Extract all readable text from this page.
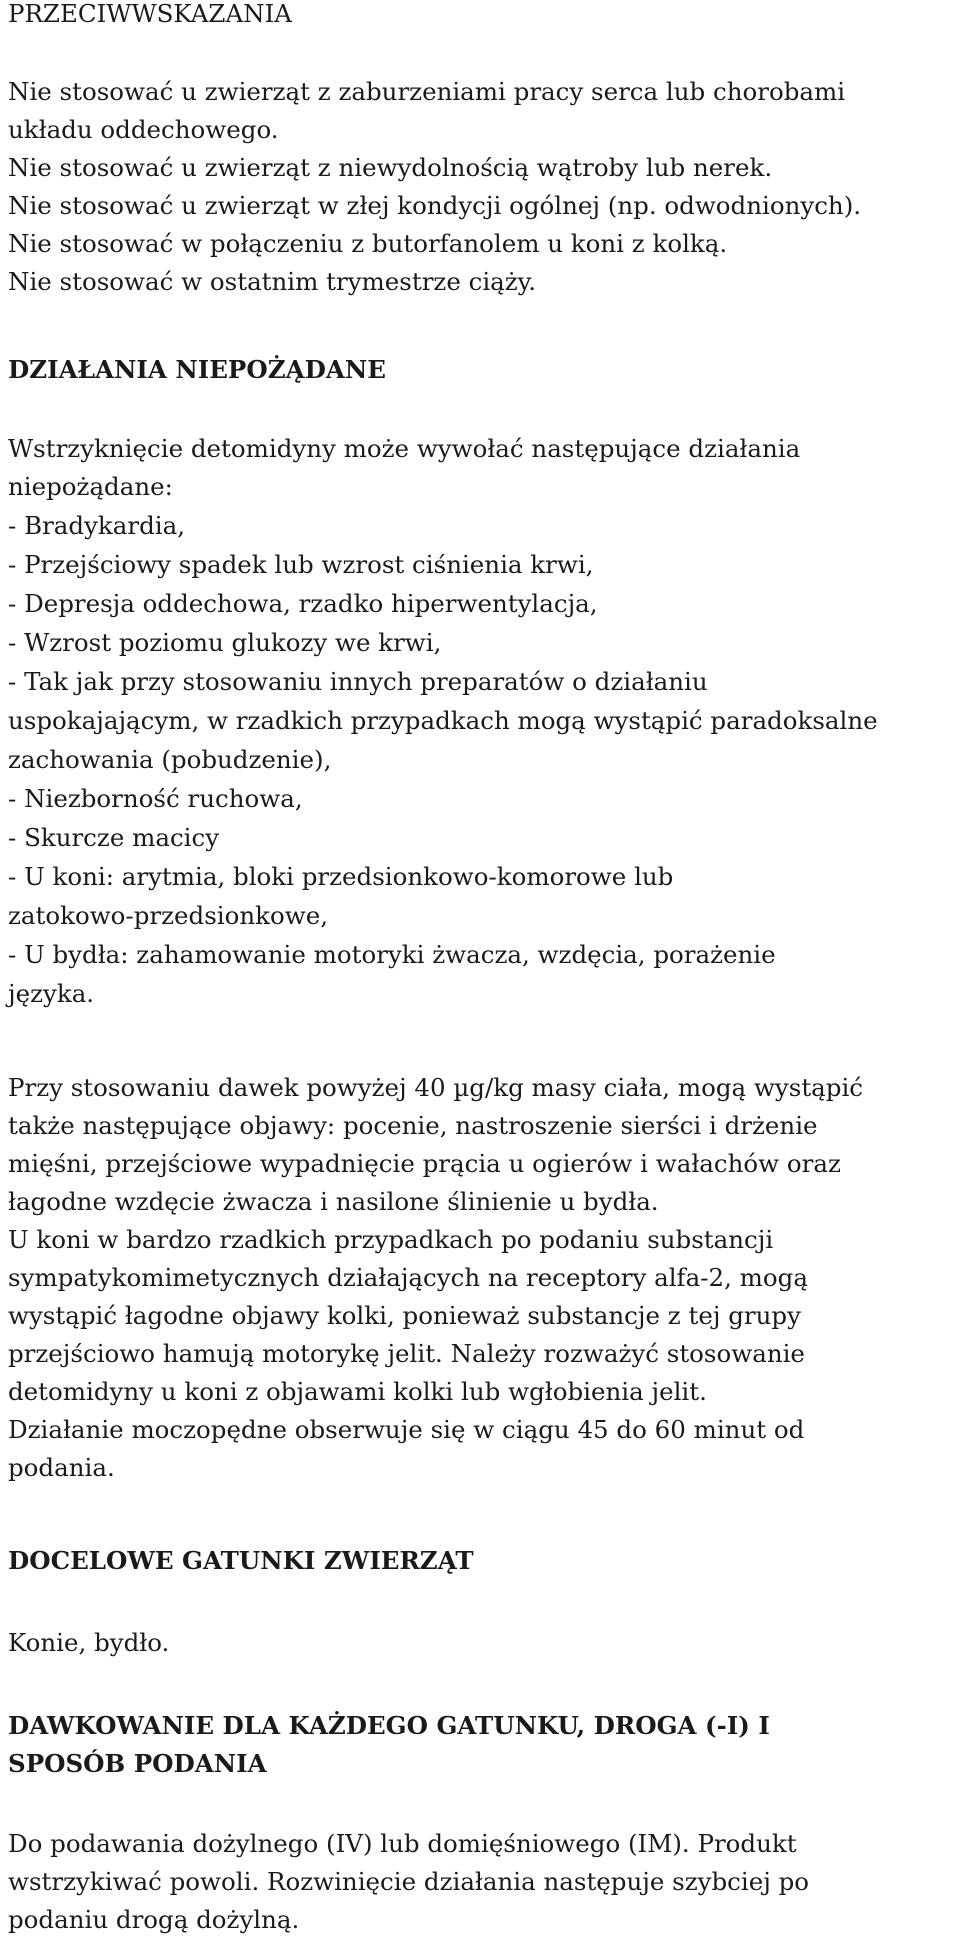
PRZECIWWSKAZANIA
Nie stosować u zwierząt z zaburzeniami pracy serca lub chorobami
układu oddechowego.
Nie stosować u zwierząt z niewydolnością wątroby lub nerek.
Nie stosować u zwierząt w złej kondycji ogólnej (np. odwodnionych).
Nie stosować w połączeniu z butorfanolem u koni z kolką.
Nie stosować w ostatnim trymestrze ciąży.
DZIAŁANIA NIEPOŻĄDANE
Wstrzyknięcie detomidyny może wywołać następujące działania
niepożądane:
- Bradykardia,
- Przejściowy spadek lub wzrost ciśnienia krwi,
- Depresja oddechowa, rzadko hiperwentylacja,
- Wzrost poziomu glukozy we krwi,
- Tak jak przy stosowaniu innych preparatów o działaniu
uspokajającym, w rzadkich przypadkach mogą wystąpić paradoksalne
zachowania (pobudzenie),
- Niezborność ruchowa,
- Skurcze macicy
- U koni: arytmia, bloki przedsionkowo-komorowe lub
zatokowo-przedsionkowe,
- U bydła: zahamowanie motoryki żwacza, wzdęcia, porażenie
języka.
Przy stosowaniu dawek powyżej 40 µg/kg masy ciała, mogą wystąpić
także następujące objawy: pocenie, nastroszenie sierści i drżenie
mięśni, przejściowe wypadnięcie prącia u ogierów i wałachów oraz
łagodne wzdęcie żwacza i nasilone ślinienie u bydła.
U koni w bardzo rzadkich przypadkach po podaniu substancji
sympatykomimetycznych działających na receptory alfa-2, mogą
wystąpić łagodne objawy kolki, ponieważ substancje z tej grupy
przejściowo hamują motorykę jelit. Należy rozważyć stosowanie
detomidyny u koni z objawami kolki lub wgłobienia jelit.
Działanie moczopędne obserwuje się w ciągu 45 do 60 minut od
podania.
DOCELOWE GATUNKI ZWIERZĄT
Konie, bydło.
DAWKOWANIE DLA KAŻDEGO GATUNKU, DROGA (-I) I
SPOSÓB PODANIA
Do podawania dożylnego (IV) lub domięśniowego (IM). Produkt
wstrzykiwać powoli. Rozwinięcie działania następuje szybciej po
podaniu drogą dożylną.
